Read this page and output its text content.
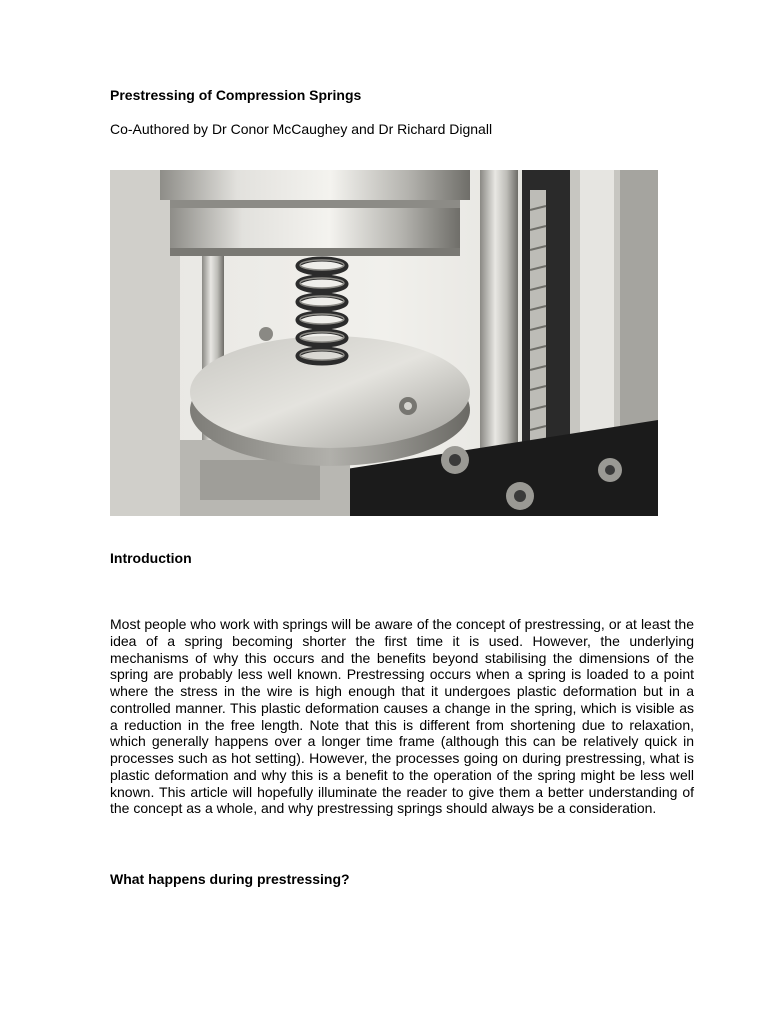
Prestressing of Compression Springs

Co-Authored by Dr Conor McCaughey and Dr Richard Dignall

Introduction

Most people who work with springs will be aware of the concept of prestressing, or at least the idea of a spring becoming shorter the first time it is used. However, the underlying mechanisms of why this occurs and the benefits beyond stabilising the dimensions of the spring are probably less well known. Prestressing occurs when a spring is loaded to a point where the stress in the wire is high enough that it undergoes plastic deformation but in a controlled manner. This plastic deformation causes a change in the spring, which is visible as a reduction in the free length. Note that this is different from shortening due to relaxation, which generally happens over a longer time frame (although this can be relatively quick in processes such as hot setting). However, the processes going on during prestressing, what is plastic deformation and why this is a benefit to the operation of the spring might be less well known. This article will hopefully illuminate the reader to give them a better understanding of the concept as a whole, and why prestressing springs should always be a consideration.

What happens during prestressing?
